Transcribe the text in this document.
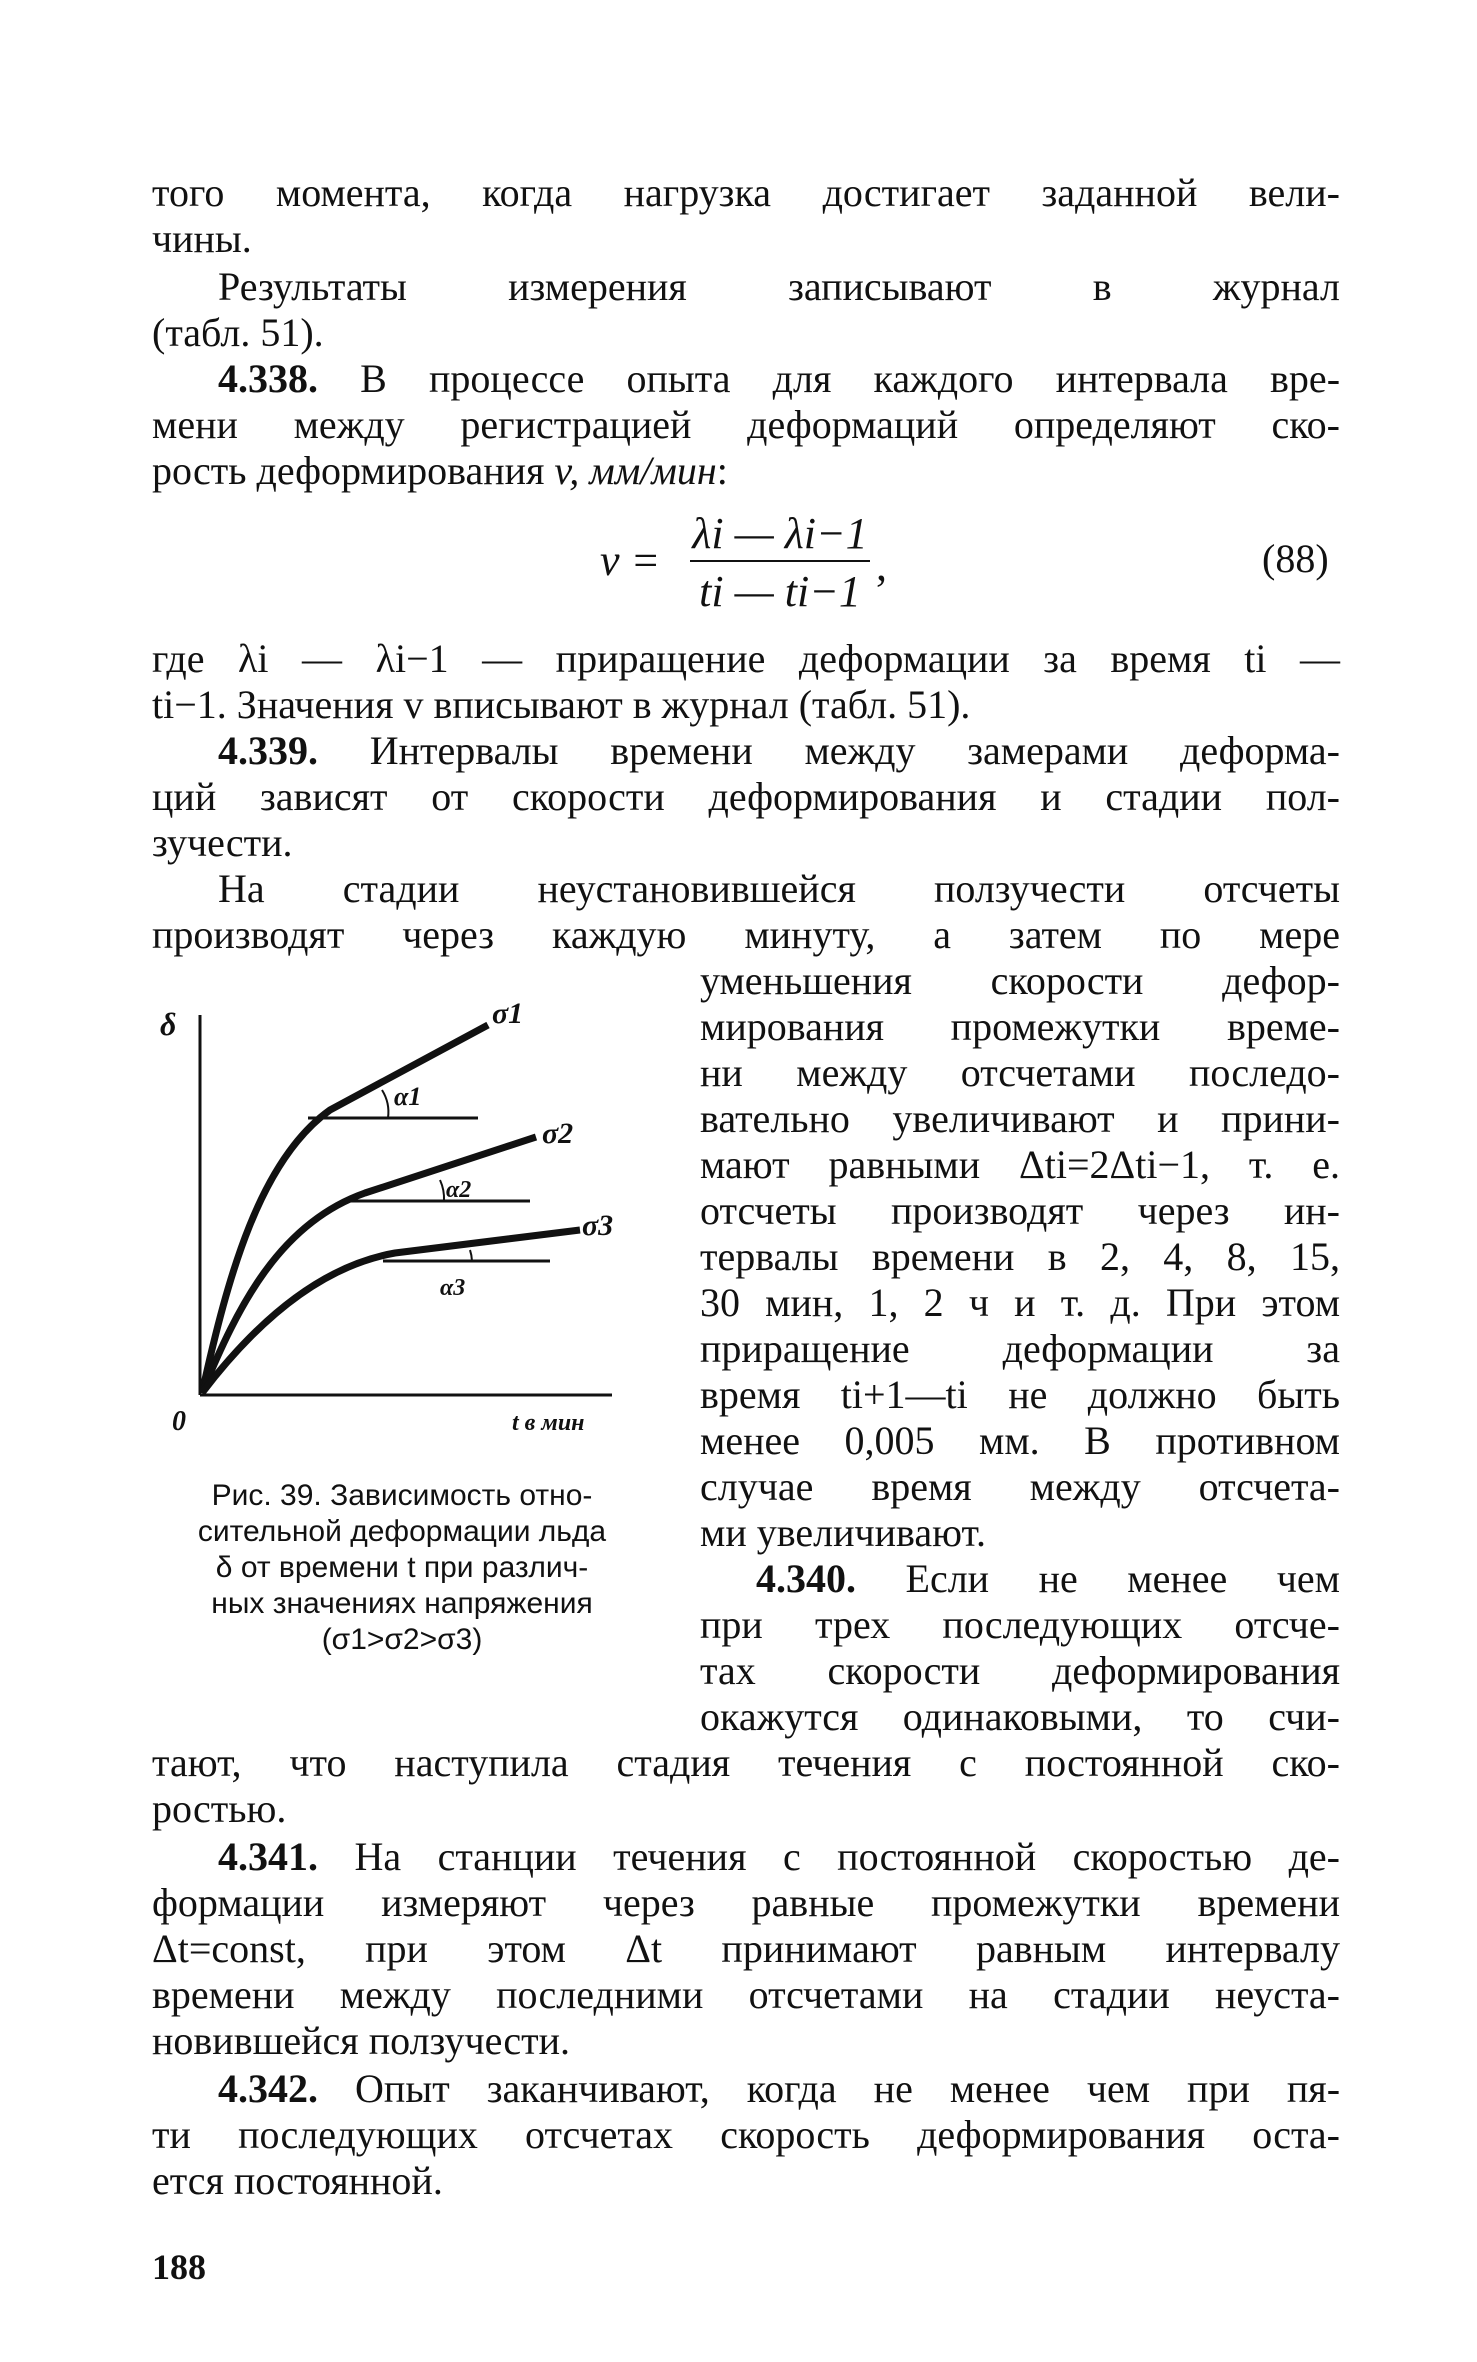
того момента, когда нагрузка достигает заданной вели-
чины.
Результаты измерения записывают в журнал
(табл. 51).
4.338. В процессе опыта для каждого интервала вре-
мени между регистрацией деформаций определяют ско-
рость деформирования v, мм/мин:
v =
λi — λi−1
ti — ti−1
,	(88)
где λi — λi−1 — приращение деформации за время ti —
ti−1. Значения v вписывают в журнал (табл. 51).
4.339. Интервалы времени между замерами деформа-
ций зависят от скорости деформирования и стадии пол-
зучести.
На стадии неустановившейся ползучести отсчеты
производят через каждую минуту, а затем по мере
уменьшения скорости дефор-
мирования промежутки време-
ни между отсчетами последо-
вательно увеличивают и прини-
мают равными Δti=2Δti−1, т. е.
отсчеты производят через ин-
тервалы времени в 2, 4, 8, 15,
30 мин, 1, 2 ч и т. д. При этом
приращение деформации за
время ti+1—ti не должно быть
менее 0,005 мм. В противном
случае время между отсчета-
ми увеличивают.
4.340. Если не менее чем
при трех последующих отсче-
тах скорости деформирования
окажутся одинаковыми, то счи-
δ
0	t в мин
σ1
σ2
σ3
α1
α2
α3
Рис. 39. Зависимость отно-
сительной деформации льда
δ от времени t при различ-
ных значениях напряжения
(σ1>σ2>σ3)
тают, что наступила стадия течения с постоянной ско-
ростью.
4.341. На станции течения с постоянной скоростью де-
формации измеряют через равные промежутки времени
Δt=const, при этом Δt принимают равным интервалу
времени между последними отсчетами на стадии неуста-
новившейся ползучести.
4.342. Опыт заканчивают, когда не менее чем при пя-
ти последующих отсчетах скорость деформирования оста-
ется постоянной.
188
